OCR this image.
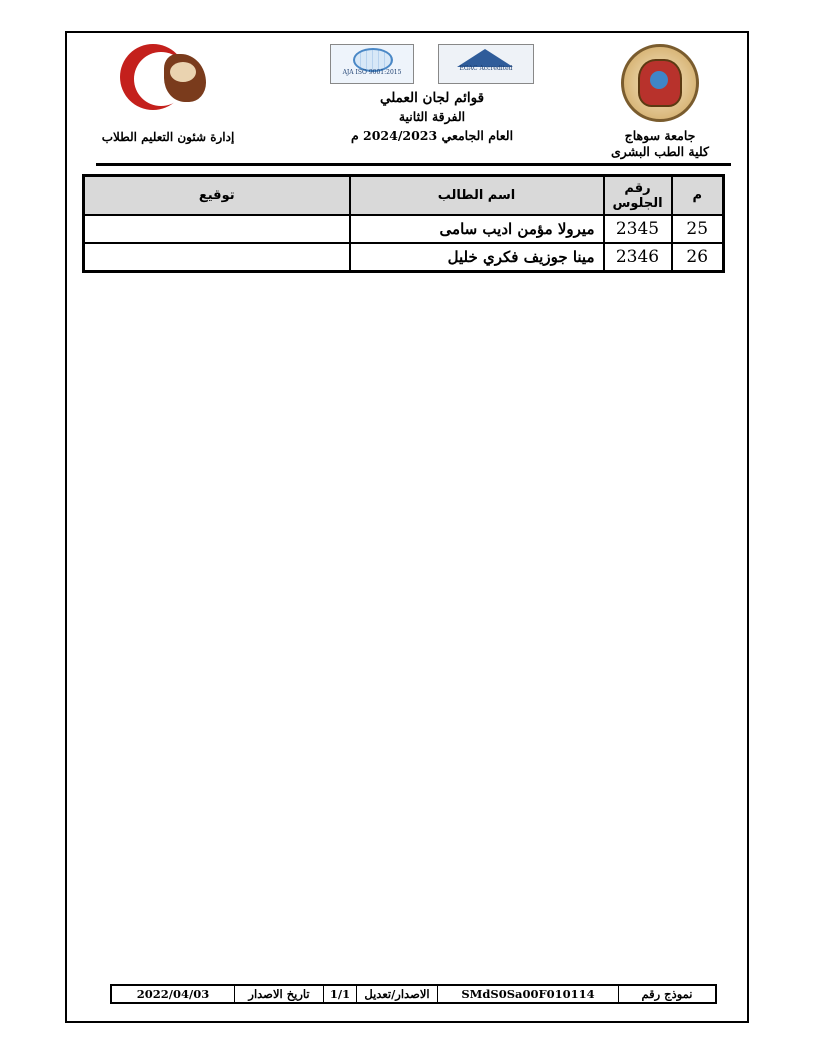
جامعة سوهاج
كلية الطب البشرى
AJA ISO 9001:2015
EGAC Accredited
قوائم لجان العملي
الفرقة الثانية
العام الجامعي 2024/2023 م
إدارة شئون التعليم الطلاب
م	رقم الجلوس	اسم الطالب	توقيع
25	2345	ميرولا مؤمن اديب سامى	
26	2346	مينا جوزيف فكري خليل	
نموذج رقم	SMdS0Sa00F010114	الاصدار/تعديل	1/1	تاريخ الاصدار	2022/04/03
